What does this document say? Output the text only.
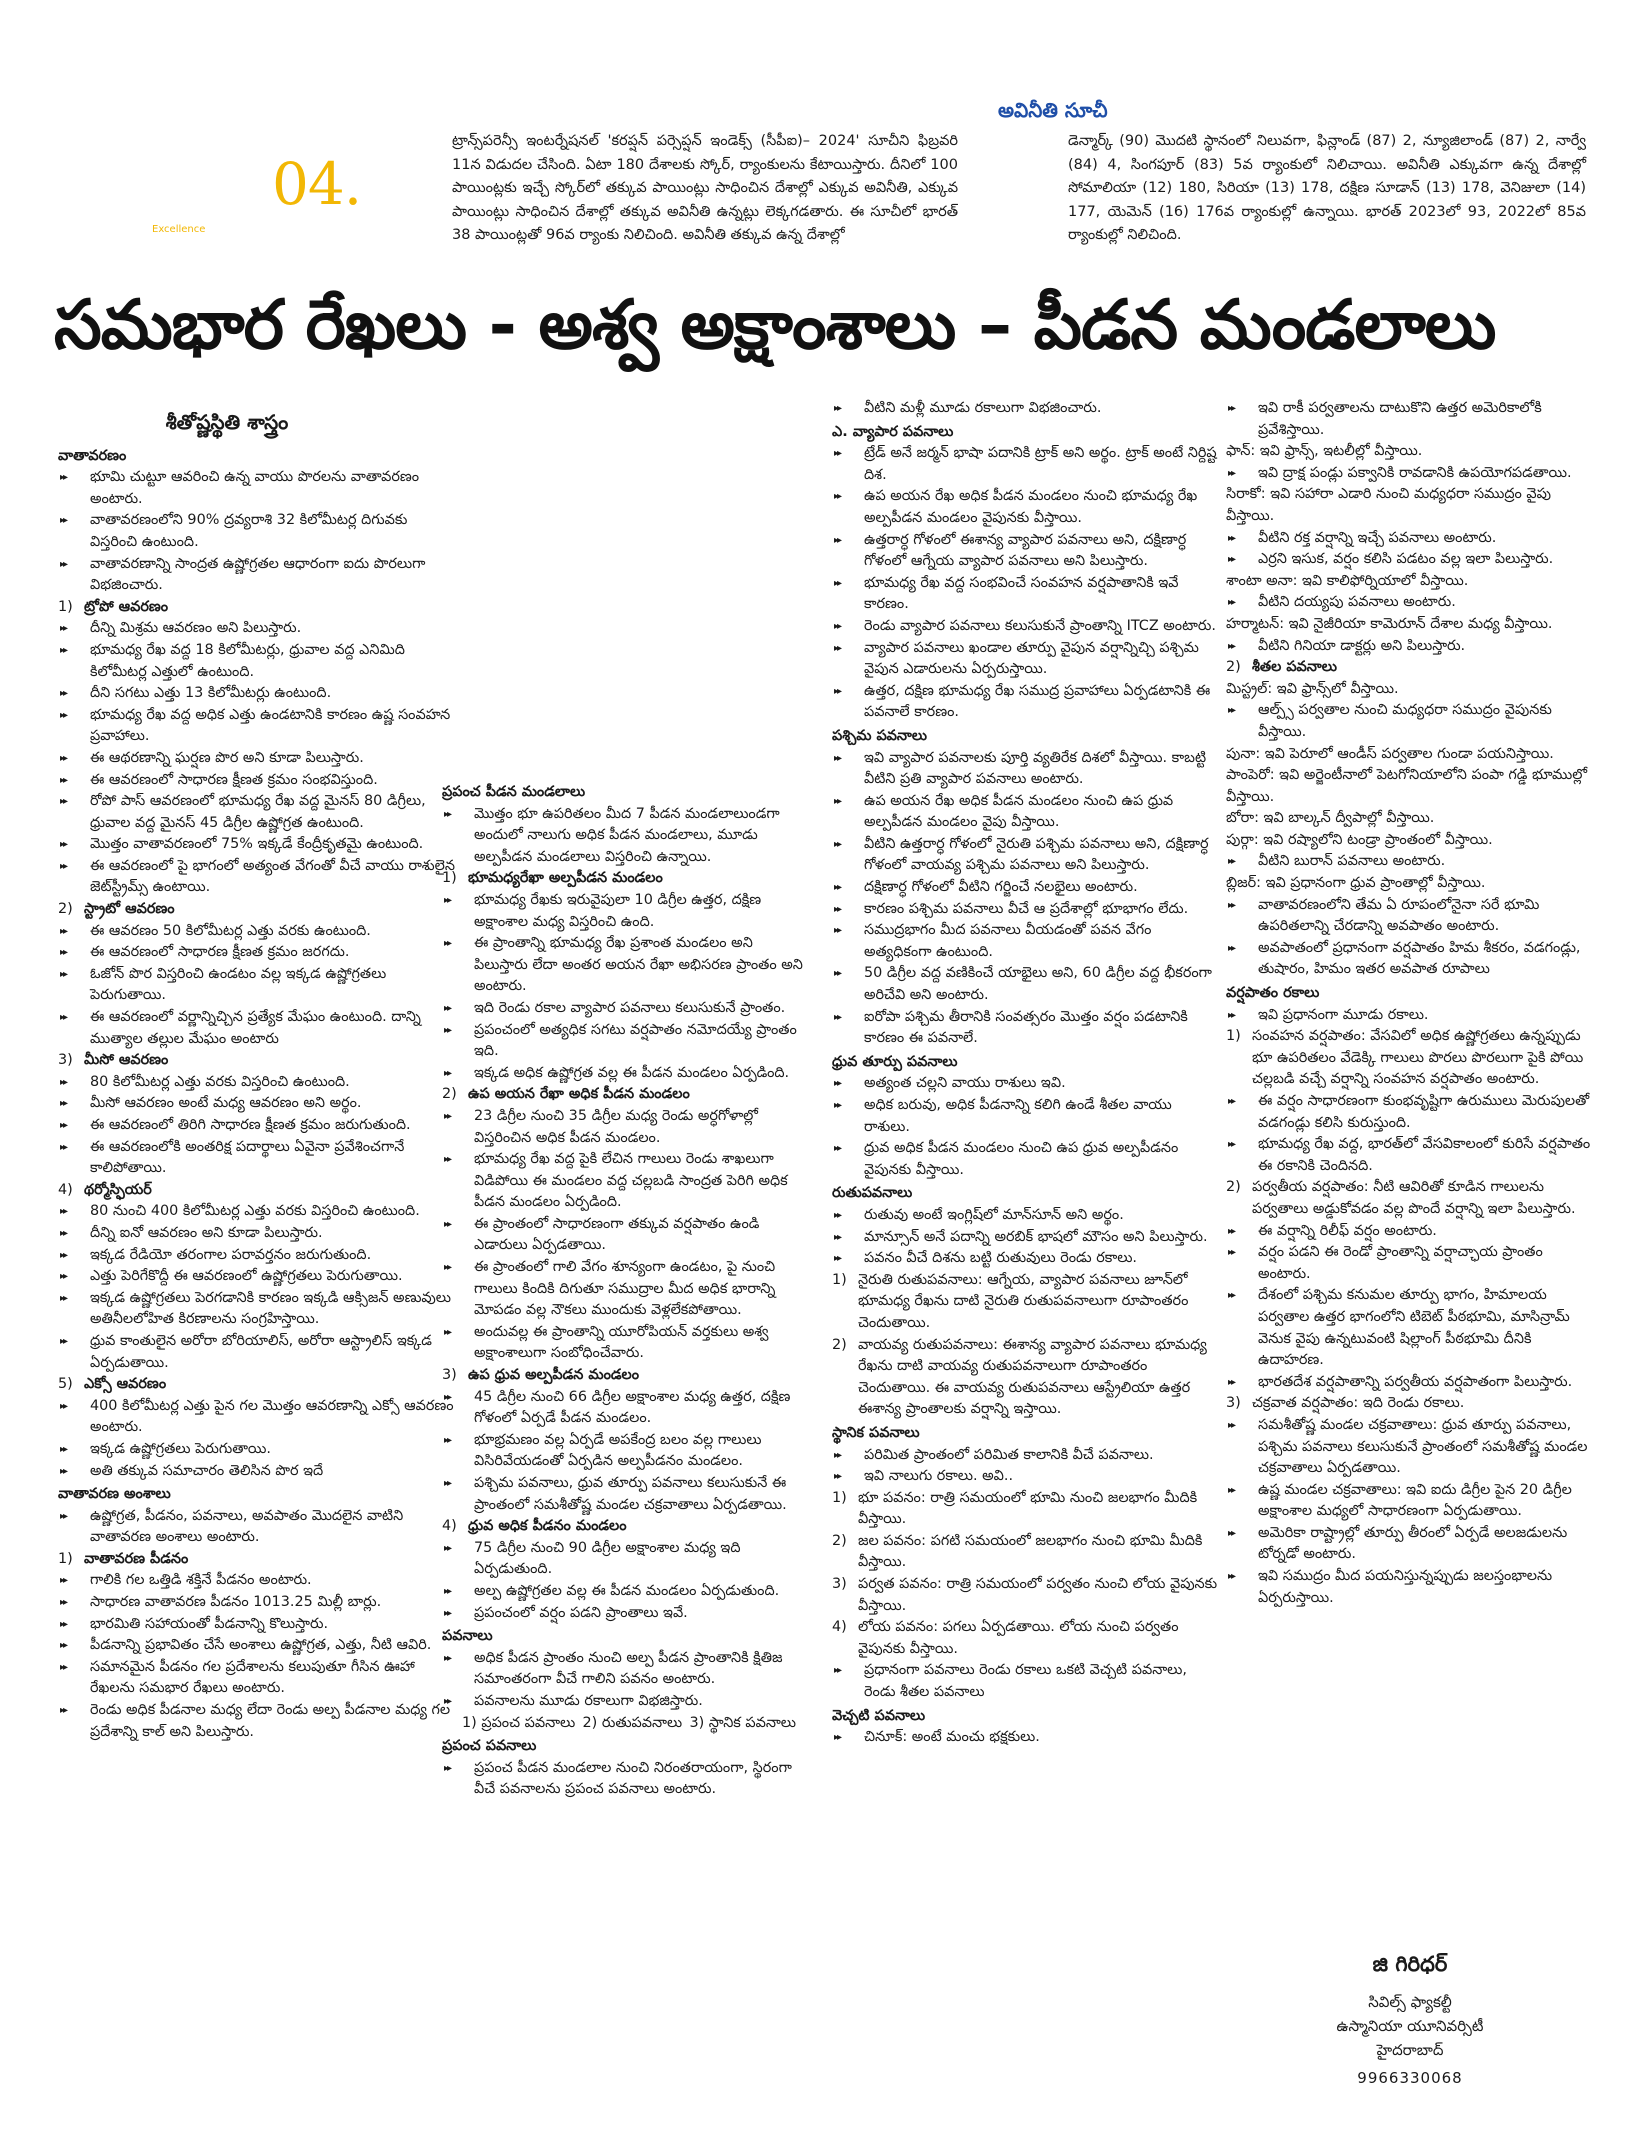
04.
Excellence
అవినీతి సూచీ
ట్రాన్స్‌పరెన్సీ ఇంటర్నేషనల్ 'కరప్షన్ పర్సెప్షన్ ఇండెక్స్ (సీపీఐ)– 2024' సూచీని ఫిబ్రవరి 11న విడుదల చేసింది. ఏటా 180 దేశాలకు స్కోర్, ర్యాంకులను కేటాయిస్తారు. దీనిలో 100 పాయింట్లకు ఇచ్చే స్కోర్‌లో తక్కువ పాయింట్లు సాధించిన దేశాల్లో ఎక్కువ అవినీతి, ఎక్కువ పాయింట్లు సాధించిన దేశాల్లో తక్కువ అవినీతి ఉన్నట్లు లెక్కగడతారు. ఈ సూచీలో భారత్ 38 పాయింట్లతో 96వ ర్యాంకు నిలిచింది. అవినీతి తక్కువ ఉన్న దేశాల్లో
డెన్మార్క్ (90) మొదటి స్థానంలో నిలువగా, ఫిన్లాండ్ (87) 2, న్యూజిలాండ్ (87) 2, నార్వే (84) 4, సింగపూర్ (83) 5వ ర్యాంకులో నిలిచాయి. అవినీతి ఎక్కువగా ఉన్న దేశాల్లో సోమాలియా (12) 180, సిరియా (13) 178, దక్షిణ సూడాన్ (13) 178, వెనిజులా (14) 177, యెమెన్ (16) 176వ ర్యాంకుల్లో ఉన్నాయి. భారత్ 2023లో 93, 2022లో 85వ ర్యాంకుల్లో నిలిచింది.
సమభార రేఖలు - అశ్వ అక్షాంశాలు – పీడన మండలాలు
శీతోష్ణస్థితి శాస్త్రం
వాతావరణం
▸▸ భూమి చుట్టూ ఆవరించి ఉన్న వాయు పొరలను వాతావరణం అంటారు.
▸▸ వాతావరణంలోని 90% ద్రవ్యరాశి 32 కిలోమీటర్ల దిగువకు విస్తరించి ఉంటుంది.
▸▸ వాతావరణాన్ని సాంద్రత ఉష్ణోగ్రతల ఆధారంగా ఐదు పొరలుగా విభజించారు.
1) ట్రోపో ఆవరణం
▸▸ దీన్ని మిశ్రమ ఆవరణం అని పిలుస్తారు.
▸▸ భూమధ్య రేఖ వద్ద 18 కిలోమీటర్లు, ధ్రువాల వద్ద ఎనిమిది కిలోమీటర్ల ఎత్తులో ఉంటుంది.
▸▸ దీని సగటు ఎత్తు 13 కిలోమీటర్లు ఉంటుంది.
▸▸ భూమధ్య రేఖ వద్ద అధిక ఎత్తు ఉండటానికి కారణం ఉష్ణ సంవహన ప్రవాహాలు.
▸▸ ఈ ఆథరణాన్ని ఘర్షణ పొర అని కూడా పిలుస్తారు.
▸▸ ఈ ఆవరణంలో సాధారణ క్షీణత క్రమం సంభవిస్తుంది.
▸▸ రోపో పాస్ ఆవరణంలో భూమధ్య రేఖ వద్ద మైనస్ 80 డిగ్రీలు, ధ్రువాల వద్ద మైనస్ 45 డిగ్రీల ఉష్ణోగ్రత ఉంటుంది.
▸▸ మొత్తం వాతావరణంలో 75% ఇక్కడే కేంద్రీకృతమై ఉంటుంది.
▸▸ ఈ ఆవరణంలో పై భాగంలో అత్యంత వేగంతో వీచే వాయు రాశులైన జెట్‌స్ట్రీమ్స్ ఉంటాయి.
2) స్ట్రాటో ఆవరణం
▸▸ ఈ ఆవరణం 50 కిలోమీటర్ల ఎత్తు వరకు ఉంటుంది.
▸▸ ఈ ఆవరణంలో సాధారణ క్షీణత క్రమం జరగదు.
▸▸ ఓజోన్ పొర విస్తరించి ఉండటం వల్ల ఇక్కడ ఉష్ణోగ్రతలు పెరుగుతాయి.
▸▸ ఈ ఆవరణంలో వర్ణాన్నిచ్చిన ప్రత్యేక మేఘం ఉంటుంది. దాన్ని ముత్యాల తల్లుల మేఘం అంటారు
3) మీసో ఆవరణం
▸▸ 80 కిలోమీటర్ల ఎత్తు వరకు విస్తరించి ఉంటుంది.
▸▸ మీసో ఆవరణం అంటే మధ్య ఆవరణం అని అర్థం.
▸▸ ఈ ఆవరణంలో తిరిగి సాధారణ క్షీణత క్రమం జరుగుతుంది.
▸▸ ఈ ఆవరణంలోకి అంతరిక్ష పదార్థాలు ఏవైనా ప్రవేశించగానే కాలిపోతాయి.
4) థర్మోస్ఫియర్
▸▸ 80 నుంచి 400 కిలోమీటర్ల ఎత్తు వరకు విస్తరించి ఉంటుంది.
▸▸ దీన్ని ఐనో ఆవరణం అని కూడా పిలుస్తారు.
▸▸ ఇక్కడ రేడియో తరంగాల పరావర్తనం జరుగుతుంది.
▸▸ ఎత్తు పెరిగేకొద్దీ ఈ ఆవరణంలో ఉష్ణోగ్రతలు పెరుగుతాయి.
▸▸ ఇక్కడ ఉష్ణోగ్రతలు పెరగడానికి కారణం ఇక్కడి ఆక్సిజన్ అణువులు అతినీలలోహిత కిరణాలను సంగ్రహిస్తాయి.
▸▸ ధ్రువ కాంతులైన అరోరా బోరియాలిస్, అరోరా ఆస్ట్రాలిస్ ఇక్కడ ఏర్పడుతాయి.
5) ఎక్సో ఆవరణం
▸▸ 400 కిలోమీటర్ల ఎత్తు పైన గల మొత్తం ఆవరణాన్ని ఎక్సో ఆవరణం అంటారు.
▸▸ ఇక్కడ ఉష్ణోగ్రతలు పెరుగుతాయి.
▸▸ అతి తక్కువ సమాచారం తెలిసిన పొర ఇదే
వాతావరణ అంశాలు
▸▸ ఉష్ణోగ్రత, పీడనం, పవనాలు, అవపాతం మొదలైన వాటిని వాతావరణ అంశాలు అంటారు.
1) వాతావరణ పీడనం
▸▸ గాలికి గల ఒత్తిడి శక్తినే పీడనం అంటారు.
▸▸ సాధారణ వాతావరణ పీడనం 1013.25 మిల్లీ బార్లు.
▸▸ భారమితి సహాయంతో పీడనాన్ని కొలుస్తారు.
▸▸ పీడనాన్ని ప్రభావితం చేసే అంశాలు ఉష్ణోగ్రత, ఎత్తు, నీటి ఆవిరి.
▸▸ సమానమైన పీడనం గల ప్రదేశాలను కలుపుతూ గీసిన ఊహా రేఖలను సమభార రేఖలు అంటారు.
▸▸ రెండు అధిక పీడనాల మధ్య లేదా రెండు అల్ప పీడనాల మధ్య గల ప్రదేశాన్ని కాల్ అని పిలుస్తారు.
ప్రపంచ పీడన మండలాలు
▸▸ మొత్తం భూ ఉపరితలం మీద 7 పీడన మండలాలుండగా అందులో నాలుగు అధిక పీడన మండలాలు, మూడు అల్పపీడన మండలాలు విస్తరించి ఉన్నాయి.
1) భూమధ్యరేఖా అల్పపీడన మండలం
▸▸ భూమధ్య రేఖకు ఇరువైపులా 10 డిగ్రీల ఉత్తర, దక్షిణ అక్షాంశాల మధ్య విస్తరించి ఉంది.
▸▸ ఈ ప్రాంతాన్ని భూమధ్య రేఖ ప్రశాంత మండలం అని పిలుస్తారు లేదా అంతర అయన రేఖా అభిసరణ ప్రాంతం అని అంటారు.
▸▸ ఇది రెండు రకాల వ్యాపార పవనాలు కలుసుకునే ప్రాంతం.
▸▸ ప్రపంచంలో అత్యధిక సగటు వర్షపాతం నమోదయ్యే ప్రాంతం ఇది.
▸▸ ఇక్కడ అధిక ఉష్ణోగ్రత వల్ల ఈ పీడన మండలం ఏర్పడింది.
2) ఉప అయన రేఖా అధిక పీడన మండలం
▸▸ 23 డిగ్రీల నుంచి 35 డిగ్రీల మధ్య రెండు అర్ధగోళాల్లో విస్తరించిన అధిక పీడన మండలం.
▸▸ భూమధ్య రేఖ వద్ద పైకి లేచిన గాలులు రెండు శాఖలుగా విడిపోయి ఈ మండలం వద్ద చల్లబడి సాంద్రత పెరిగి అధిక పీడన మండలం ఏర్పడింది.
▸▸ ఈ ప్రాంతంలో సాధారణంగా తక్కువ వర్షపాతం ఉండి ఎడారులు ఏర్పడతాయి.
▸▸ ఈ ప్రాంతంలో గాలి వేగం శూన్యంగా ఉండటం, పై నుంచి గాలులు కిందికి దిగుతూ సముద్రాల మీద అధిక భారాన్ని మోపడం వల్ల నౌకలు ముందుకు వెళ్లలేకపోతాయి.
▸▸ అందువల్ల ఈ ప్రాంతాన్ని యూరోపియన్ వర్తకులు అశ్వ అక్షాంశాలుగా సంబోధించేవారు.
3) ఉప ధ్రువ అల్పపీడన మండలం
▸▸ 45 డిగ్రీల నుంచి 66 డిగ్రీల అక్షాంశాల మధ్య ఉత్తర, దక్షిణ గోళంలో ఏర్పడే పీడన మండలం.
▸▸ భూభ్రమణం వల్ల ఏర్పడే అపకేంద్ర బలం వల్ల గాలులు విసిరివేయడంతో ఏర్పడిన అల్పపీడనం మండలం.
▸▸ పశ్చిమ పవనాలు, ధ్రువ తూర్పు పవనాలు కలుసుకునే ఈ ప్రాంతంలో సమశీతోష్ణ మండల చక్రవాతాలు ఏర్పడతాయి.
4) ధ్రువ అధిక పీడనం మండలం
▸▸ 75 డిగ్రీల నుంచి 90 డిగ్రీల అక్షాంశాల మధ్య ఇది ఏర్పడుతుంది.
▸▸ అల్ప ఉష్ణోగ్రతల వల్ల ఈ పీడన మండలం ఏర్పడుతుంది.
▸▸ ప్రపంచంలో వర్షం పడని ప్రాంతాలు ఇవే.
పవనాలు
▸▸ అధిక పీడన ప్రాంతం నుంచి అల్ప పీడన ప్రాంతానికి క్షితిజ సమాంతరంగా వీచే గాలిని పవనం అంటారు.
▸▸ పవనాలను మూడు రకాలుగా విభజిస్తారు.
1) ప్రపంచ పవనాలు 2) రుతుపవనాలు 3) స్థానిక పవనాలు
ప్రపంచ పవనాలు
▸▸ ప్రపంచ పీడన మండలాల నుంచి నిరంతరాయంగా, స్థిరంగా వీచే పవనాలను ప్రపంచ పవనాలు అంటారు.
▸▸ వీటిని మళ్లీ మూడు రకాలుగా విభజించారు.
ఎ. వ్యాపార పవనాలు
▸▸ ట్రేడ్ అనే జర్మన్ భాషా పదానికి ట్రాక్ అని అర్థం. ట్రాక్ అంటే నిర్దిష్ట దిశ.
▸▸ ఉప అయన రేఖ అధిక పీడన మండలం నుంచి భూమధ్య రేఖ అల్పపీడన మండలం వైపునకు వీస్తాయి.
▸▸ ఉత్తరార్ధ గోళంలో ఈశాన్య వ్యాపార పవనాలు అని, దక్షిణార్ధ గోళంలో ఆగ్నేయ వ్యాపార పవనాలు అని పిలుస్తారు.
▸▸ భూమధ్య రేఖ వద్ద సంభవించే సంవహన వర్షపాతానికి ఇవే కారణం.
▸▸ రెండు వ్యాపార పవనాలు కలుసుకునే ప్రాంతాన్ని ITCZ అంటారు.
▸▸ వ్యాపార పవనాలు ఖండాల తూర్పు వైపున వర్షాన్నిచ్చి పశ్చిమ వైపున ఎడారులను ఏర్పరుస్తాయి.
▸▸ ఉత్తర, దక్షిణ భూమధ్య రేఖ సముద్ర ప్రవాహాలు ఏర్పడటానికి ఈ పవనాలే కారణం.
పశ్చిమ పవనాలు
▸▸ ఇవి వ్యాపార పవనాలకు పూర్తి వ్యతిరేక దిశలో వీస్తాయి. కాబట్టి వీటిని ప్రతి వ్యాపార పవనాలు అంటారు.
▸▸ ఉప అయన రేఖ అధిక పీడన మండలం నుంచి ఉప ధ్రువ అల్పపీడన మండలం వైపు వీస్తాయి.
▸▸ వీటిని ఉత్తరార్ధ గోళంలో నైరుతి పశ్చిమ పవనాలు అని, దక్షిణార్ధ గోళంలో వాయవ్య పశ్చిమ పవనాలు అని పిలుస్తారు.
▸▸ దక్షిణార్ధ గోళంలో వీటిని గర్జించే నలభైలు అంటారు.
▸▸ కారణం పశ్చిమ పవనాలు వీచే ఆ ప్రదేశాల్లో భూభాగం లేదు.
▸▸ సముద్రభాగం మీద పవనాలు వీయడంతో పవన వేగం అత్యధికంగా ఉంటుంది.
▸▸ 50 డిగ్రీల వద్ద వణికించే యాభైలు అని, 60 డిగ్రీల వద్ద భీకరంగా అరిచేవి అని అంటారు.
▸▸ ఐరోపా పశ్చిమ తీరానికి సంవత్సరం మొత్తం వర్షం పడటానికి కారణం ఈ పవనాలే.
ధ్రువ తూర్పు పవనాలు
▸▸ అత్యంత చల్లని వాయు రాశులు ఇవి.
▸▸ అధిక బరువు, అధిక పీడనాన్ని కలిగి ఉండే శీతల వాయు రాశులు.
▸▸ ధ్రువ అధిక పీడన మండలం నుంచి ఉప ధ్రువ అల్పపీడనం వైపునకు వీస్తాయి.
రుతుపవనాలు
▸▸ రుతువు అంటే ఇంగ్లిష్‌లో మాన్‌సూన్ అని అర్థం.
▸▸ మాన్సూన్ అనే పదాన్ని అరబిక్ భాషలో మౌసం అని పిలుస్తారు.
▸▸ పవనం వీచే దిశను బట్టి రుతువులు రెండు రకాలు.
1) నైరుతి రుతుపవనాలు: ఆగ్నేయ, వ్యాపార పవనాలు జూన్‌లో భూమధ్య రేఖను దాటి నైరుతి రుతుపవనాలుగా రూపాంతరం చెందుతాయి.
2) వాయవ్య రుతుపవనాలు: ఈశాన్య వ్యాపార పవనాలు భూమధ్య రేఖను దాటి వాయవ్య రుతుపవనాలుగా రూపాంతరం చెందుతాయి. ఈ వాయవ్య రుతుపవనాలు ఆస్ట్రేలియా ఉత్తర ఈశాన్య ప్రాంతాలకు వర్షాన్ని ఇస్తాయి.
స్థానిక పవనాలు
▸▸ పరిమిత ప్రాంతంలో పరిమిత కాలానికి వీచే పవనాలు.
▸▸ ఇవి నాలుగు రకాలు. అవి..
1) భూ పవనం: రాత్రి సమయంలో భూమి నుంచి జలభాగం మీదికి వీస్తాయి.
2) జల పవనం: పగటి సమయంలో జలభాగం నుంచి భూమి మీదికి వీస్తాయి.
3) పర్వత పవనం: రాత్రి సమయంలో పర్వతం నుంచి లోయ వైపునకు వీస్తాయి.
4) లోయ పవనం: పగలు ఏర్పడతాయి. లోయ నుంచి పర్వతం వైపునకు వీస్తాయి.
▸▸ ప్రధానంగా పవనాలు రెండు రకాలు ఒకటి వెచ్చటి పవనాలు, రెండు శీతల పవనాలు
వెచ్చటి పవనాలు
▸▸ చినూక్: అంటే మంచు భక్షకులు.
▸▸ ఇవి రాకీ పర్వతాలను దాటుకొని ఉత్తర అమెరికాలోకి ప్రవేశిస్తాయి.
ఫాన్: ఇవి ఫ్రాన్స్, ఇటలీల్లో వీస్తాయి.
▸▸ ఇవి ద్రాక్ష పండ్లు పక్వానికి రావడానికి ఉపయోగపడతాయి.
సిరాకో: ఇవి సహారా ఎడారి నుంచి మధ్యధరా సముద్రం వైపు వీస్తాయి.
▸▸ వీటిని రక్త వర్షాన్ని ఇచ్చే పవనాలు అంటారు.
▸▸ ఎర్రని ఇసుక, వర్షం కలిసి పడటం వల్ల ఇలా పిలుస్తారు.
శాంటా అనా: ఇవి కాలిఫోర్నియాలో వీస్తాయి.
▸▸ వీటిని దయ్యపు పవనాలు అంటారు.
హర్మాటన్: ఇవి నైజీరియా కామెరూన్ దేశాల మధ్య వీస్తాయి.
▸▸ వీటిని గినియా డాక్టర్లు అని పిలుస్తారు.
2) శీతల పవనాలు
మిస్ట్రల్: ఇవి ఫ్రాన్స్‌లో వీస్తాయి.
▸▸ ఆల్ప్స్ పర్వతాల నుంచి మధ్యధరా సముద్రం వైపునకు వీస్తాయి.
పునా: ఇవి పెరూలో ఆండీస్ పర్వతాల గుండా పయనిస్తాయి.
పాంపెరో: ఇవి అర్జెంటీనాలో పెటగోనియాలోని పంపా గడ్డి భూముల్లో వీస్తాయి.
బోరా: ఇవి బాల్కన్ ద్వీపాల్లో వీస్తాయి.
పుర్గా: ఇవి రష్యాలోని టండ్రా ప్రాంతంలో వీస్తాయి.
▸▸ వీటిని బురాన్ పవనాలు అంటారు.
బ్లిజర్: ఇవి ప్రధానంగా ధ్రువ ప్రాంతాల్లో వీస్తాయి.
▸▸ వాతావరణంలోని తేమ ఏ రూపంలోనైనా సరే భూమి ఉపరితలాన్ని చేరడాన్ని అవపాతం అంటారు.
▸▸ అవపాతంలో ప్రధానంగా వర్షపాతం హిమ శీకరం, వడగండ్లు, తుషారం, హిమం ఇతర అవపాత రూపాలు
వర్షపాతం రకాలు
▸▸ ఇవి ప్రధానంగా మూడు రకాలు.
1) సంవహన వర్షపాతం: వేసవిలో అధిక ఉష్ణోగ్రతలు ఉన్నప్పుడు భూ ఉపరితలం వేడెక్కి గాలులు పొరలు పొరలుగా పైకి పోయి చల్లబడి వచ్చే వర్షాన్ని సంవహన వర్షపాతం అంటారు.
▸▸ ఈ వర్షం సాధారణంగా కుంభవృష్టిగా ఉరుములు మెరుపులతో వడగండ్లు కలిసి కురుస్తుంది.
▸▸ భూమధ్య రేఖ వద్ద, భారత్‌లో వేసవికాలంలో కురిసే వర్షపాతం ఈ రకానికి చెందినది.
2) పర్వతీయ వర్షపాతం: నీటి ఆవిరితో కూడిన గాలులను పర్వతాలు అడ్డుకోవడం వల్ల పొందే వర్షాన్ని ఇలా పిలుస్తారు.
▸▸ ఈ వర్షాన్ని రిలీఫ్ వర్షం అంటారు.
▸▸ వర్షం పడని ఈ రెండో ప్రాంతాన్ని వర్షాచ్ఛాయ ప్రాంతం అంటారు.
▸▸ దేశంలో పశ్చిమ కనుమల తూర్పు భాగం, హిమాలయ పర్వతాల ఉత్తర భాగంలోని టిబెట్ పీఠభూమి, మాసిన్రామ్ వెనుక వైపు ఉన్నటువంటి షిల్లాంగ్ పీఠభూమి దీనికి ఉదాహరణ.
▸▸ భారతదేశ వర్షపాతాన్ని పర్వతీయ వర్షపాతంగా పిలుస్తారు.
3) చక్రవాత వర్షపాతం: ఇది రెండు రకాలు.
▸▸ సమశీతోష్ణ మండల చక్రవాతాలు: ధ్రువ తూర్పు పవనాలు, పశ్చిమ పవనాలు కలుసుకునే ప్రాంతంలో సమశీతోష్ణ మండల చక్రవాతాలు ఏర్పడతాయి.
▸▸ ఉష్ణ మండల చక్రవాతాలు: ఇవి ఐదు డిగ్రీల పైన 20 డిగ్రీల అక్షాంశాల మధ్యలో సాధారణంగా ఏర్పడుతాయి.
▸▸ అమెరికా రాష్ట్రాల్లో తూర్పు తీరంలో ఏర్పడే అలజడులను టోర్నడో అంటారు.
▸▸ ఇవి సముద్రం మీద పయనిస్తున్నప్పుడు జలస్తంభాలను ఏర్పరుస్తాయి.
జి గిరిధర్
సివిల్స్ ఫ్యాకల్టీ
ఉస్మానియా యూనివర్సిటీ
హైదరాబాద్
9966330068
